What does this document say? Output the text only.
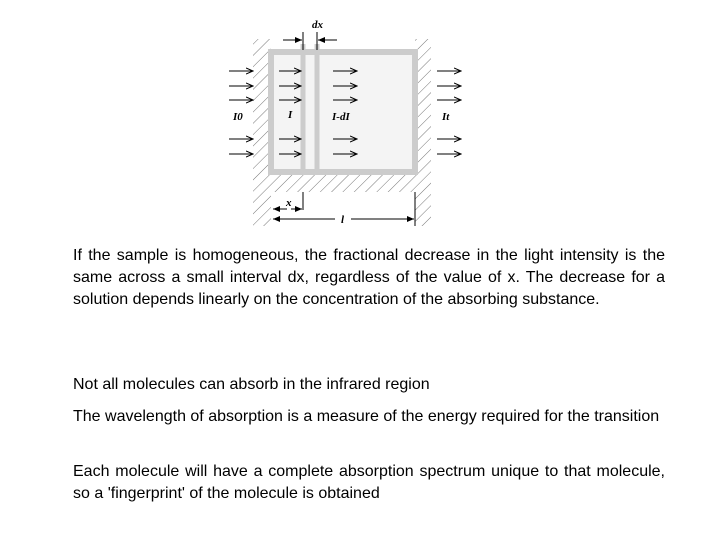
dx
I0	I	I-dI	It
x
l

If the sample is homogeneous, the fractional decrease in the light intensity is the same across a small interval dx, regardless of the value of x. The decrease for a solution depends linearly on the concentration of the absorbing substance.

Not all molecules can absorb in the infrared region

The wavelength of absorption is a measure of the energy required for the transition

Each molecule will have a complete absorption spectrum unique to that molecule, so a 'fingerprint' of the molecule is obtained
